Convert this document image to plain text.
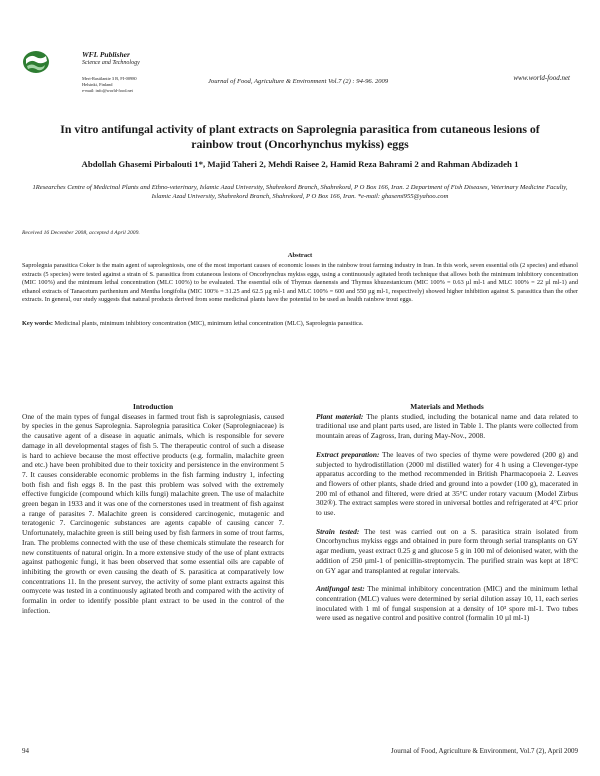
WFL Publisher
Science and Technology
Meri-Rastilantie 3 B, FI-00980
Helsinki, Finland
e-mail: info@world-food.net
Journal of Food, Agriculture & Environment Vol.7 (2) : 94-96. 2009	www.world-food.net
In vitro antifungal activity of plant extracts on Saprolegnia parasitica from cutaneous lesions of rainbow trout (Oncorhynchus mykiss) eggs
Abdollah Ghasemi Pirbalouti 1*, Majid Taheri 2, Mehdi Raisee 2, Hamid Reza Bahrami 2 and Rahman Abdizadeh 1
1Researches Centre of Medicinal Plants and Ethno-veterinary, Islamic Azad University, Shahrekord Branch, Shahrekord, P O Box 166, Iran. 2 Department of Fish Diseases, Veterinary Medicine Faculty, Islamic Azad University, Shahrekord Branch, Shahrekord, P O Box 166, Iran. *e-mail: ghasemi955@yahoo.com
Received 16 December 2008, accepted 4 April 2009.
Abstract
Saprolegnia parasitica Coker is the main agent of saprolegniosis, one of the most important causes of economic losses in the rainbow trout farming industry in Iran. In this work, seven essential oils (2 species) and ethanol extracts (5 species) were tested against a strain of S. parasitica from cutaneous lesions of Oncorhynchus mykiss eggs, using a continuously agitated broth technique that allows both the minimum inhibitory concentration (MIC 100%) and the minimum lethal concentration (MLC 100%) to be evaluated. The essential oils of Thymus daenensis and Thymus khuzestanicum (MIC 100% = 0.63 µl ml-1 and MLC 100% = 22 µl ml-1) and ethanol extracts of Tanacetum parthenium and Mentha longifolia (MIC 100% = 31.25 and 62.5 µg ml-1 and MLC 100% = 600 and 550 µg ml-1, respectively) showed higher inhibition against S. parasitica than the other extracts. In general, our study suggests that natural products derived from some medicinal plants have the potential to be used as health rainbow trout eggs.
Key words: Medicinal plants, minimum inhibitory concentration (MIC), minimum lethal concentration (MLC), Saprolegnia parasitica.
Introduction

One of the main types of fungal diseases in farmed trout fish is saprolegniasis, caused by species in the genus Saprolegnia. Saprolegnia parasitica Coker (Saprolegniaceae) is the causative agent of a disease in aquatic animals, which is responsible for severe damage in all developmental stages of fish 5. The therapeutic control of such a disease is hard to achieve because the most effective products (e.g. formalin, malachite green and etc.) have been prohibited due to their toxicity and persistence in the environment 5 7. It causes considerable economic problems in the fish farming industry 1, infecting both fish and fish eggs 8. In the past this problem was solved with the extremely effective fungicide (compound which kills fungi) malachite green. The use of malachite green began in 1933 and it was one of the cornerstones used in treatment of fish against a range of parasites 7. Malachite green is considered carcinogenic, mutagenic and teratogenic 7. Carcinogenic substances are agents capable of causing cancer 7. Unfortunately, malachite green is still being used by fish farmers in some of trout farms, Iran. The problems connected with the use of these chemicals stimulate the research for new constituents of natural origin. In a more extensive study of the use of plant extracts against pathogenic fungi, it has been observed that some essential oils are capable of inhibiting the growth or even causing the death of S. parasitica at comparatively low concentrations 11. In the present survey, the activity of some plant extracts against this oomycete was tested in a continuously agitated broth and compared with the activity of formalin in order to identify possible plant extract to be used in the control of the infection.

Materials and Methods

Plant material: The plants studied, including the botanical name and data related to traditional use and plant parts used, are listed in Table 1. The plants were collected from mountain areas of Zagross, Iran, during May-Nov., 2008.

Extract preparation: The leaves of two species of thyme were powdered (200 g) and subjected to hydrodistillation (2000 ml distilled water) for 4 h using a Clevenger-type apparatus according to the method recommended in British Pharmacopoeia 2. Leaves and flowers of other plants, shade dried and ground into a powder (100 g), macerated in 200 ml of ethanol and filtered, were dried at 35°C under rotary vacuum (Model Zirbus 302®). The extract samples were stored in universal bottles and refrigerated at 4°C prior to use.

Strain tested: The test was carried out on a S. parasitica strain isolated from Oncorhynchus mykiss eggs and obtained in pure form through serial transplants on GY agar medium, yeast extract 0.25 g and glucose 5 g in 100 ml of deionised water, with the addition of 250 µml-1 of penicillin-streptomycin. The purified strain was kept at 18°C on GY agar and transplanted at regular intervals.

Antifungal test: The minimal inhibitory concentration (MIC) and the minimum lethal concentration (MLC) values were determined by serial dilution assay 10, 11, each series inoculated with 1 ml of fungal suspension at a density of 10³ spore ml-1. Two tubes were used as negative control and positive control (formalin 10 µl ml-1)

94	Journal of Food, Agriculture & Environment, Vol.7 (2), April 2009
